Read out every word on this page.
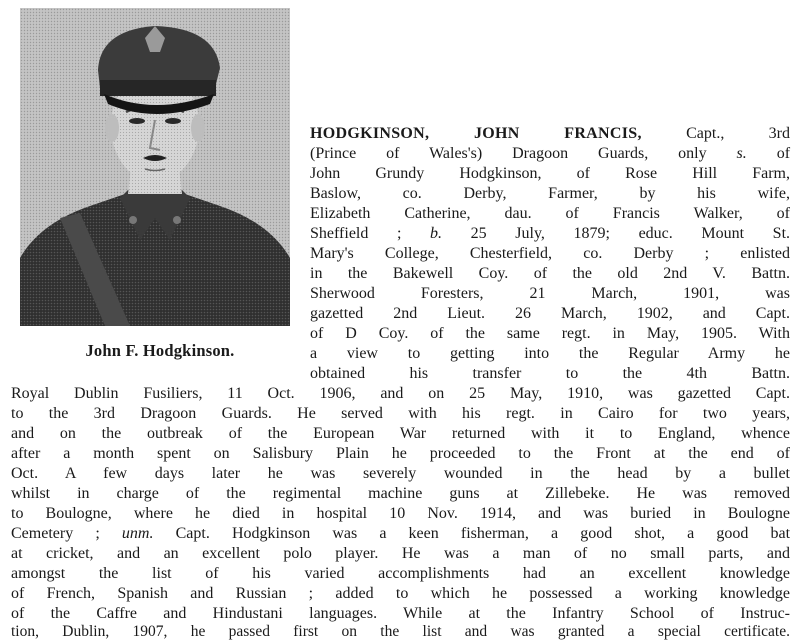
John F. Hodgkinson.
HODGKINSON, JOHN FRANCIS,	Capt., 3rd
(Prince of Wales's) Dragoon Guards, only s. of
John Grundy Hodgkinson, of Rose Hill Farm,
Baslow, co. Derby, Farmer, by his wife,
Elizabeth Catherine, dau. of Francis Walker, of
Sheffield ; b. 25 July, 1879; educ. Mount St.
Mary's College, Chesterfield, co. Derby ; enlisted
in the Bakewell Coy. of the old 2nd V. Battn.
Sherwood Foresters, 21 March, 1901, was
gazetted 2nd Lieut. 26 March, 1902, and Capt.
of D Coy. of the same regt. in May, 1905. With
a view to getting into the Regular Army he
obtained his transfer to the 4th Battn.
Royal Dublin Fusiliers, 11 Oct. 1906, and on 25 May, 1910, was gazetted Capt.
to the 3rd Dragoon Guards. He served with his regt. in Cairo for two years,
and on the outbreak of the European War returned with it to England, whence
after a month spent on Salisbury Plain he proceeded to the Front at the end of
Oct. A few days later he was severely wounded in the head by a bullet
whilst in charge of the regimental machine guns at Zillebeke. He was removed
to Boulogne, where he died in hospital 10 Nov. 1914, and was buried in Boulogne
Cemetery ; unm. Capt. Hodgkinson was a keen fisherman, a good shot, a good bat
at cricket, and an excellent polo player. He was a man of no small parts, and
amongst the list of his varied accomplishments had an excellent knowledge
of French, Spanish and Russian ; added to which he possessed a working knowledge
of the Caffre and Hindustani languages. While at the Infantry School of Instruc-
tion, Dublin, 1907, he passed first on the list and was granted a special certificate.
